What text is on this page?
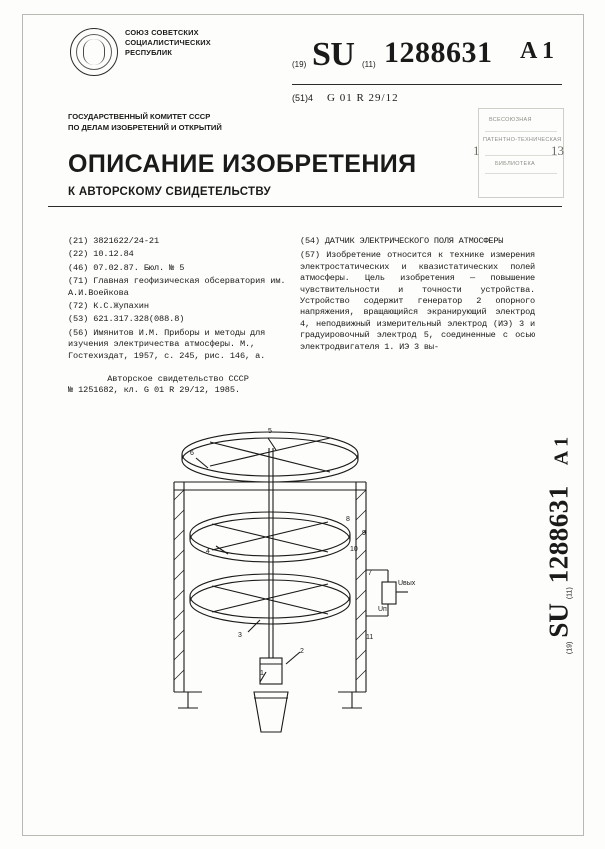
СОЮЗ СОВЕТСКИХ
СОЦИАЛИСТИЧЕСКИХ
РЕСПУБЛИК
(19) SU (11) 1288631 A 1
(51)4 G 01 R 29/12
ГОСУДАРСТВЕННЫЙ КОМИТЕТ СССР
ПО ДЕЛАМ ИЗОБРЕТЕНИЙ И ОТКРЫТИЙ
ОПИСАНИЕ ИЗОБРЕТЕНИЯ
К АВТОРСКОМУ СВИДЕТЕЛЬСТВУ
ВСЕСОЮЗНАЯ
ПАТЕНТНО-ТЕХНИЧЕСКАЯ
БИБЛИОТЕКА
1	13
(21) 3821622/24-21
(22) 10.12.84
(46) 07.02.87. Бюл. № 5
(71) Главная геофизическая обсерватория им. А.И.Воейкова
(72) К.С.Жупахин
(53) 621.317.328(088.8)
(56) Имянитов И.М. Приборы и методы для изучения электричества атмосферы. М., Гостехиздат, 1957, с. 245, рис. 146, а.
Авторское свидетельство СССР
№ 1251682, кл. G 01 R 29/12, 1985.
(54) ДАТЧИК ЭЛЕКТРИЧЕСКОГО ПОЛЯ АТМОСФЕРЫ
(57) Изобретение относится к технике измерения электростатических и квазистатических полей атмосферы. Цель изобретения — повышение чувствительности и точности устройства. Устройство содержит генератор 2 опорного напряжения, вращающийся экранирующий электрод 4, неподвижный измерительный электрод (ИЭ) 3 и градуировочный электрод 5, соединенные с осью электродвигателя 1. ИЭ 3 вы-
$_{(19)}$ SU $_{(11)}$ 1288631 A 1
5
6
8
10
9
4
7
3
2
1
11
Uп
Uвых
